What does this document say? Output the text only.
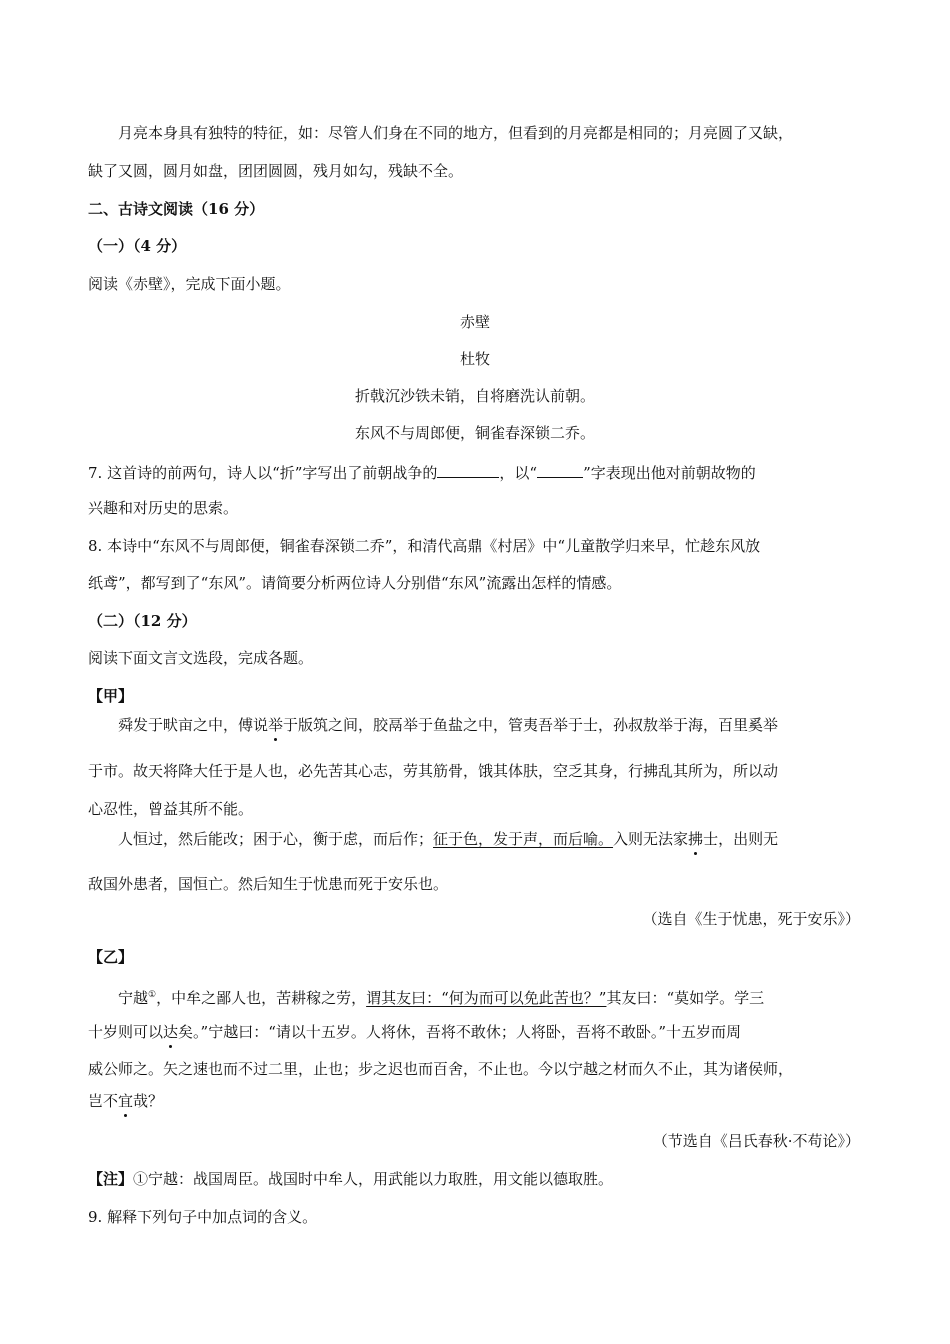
月亮本身具有独特的特征，如：尽管人们身在不同的地方，但看到的月亮都是相同的；月亮圆了又缺，
缺了又圆，圆月如盘，团团圆圆，残月如勾，残缺不全。
二、古诗文阅读（16 分）
（一）（4 分）
阅读《赤壁》，完成下面小题。
赤壁
杜牧
折戟沉沙铁未销，自将磨洗认前朝。
东风不与周郎便，铜雀春深锁二乔。
7. 这首诗的前两句，诗人以“折”字写出了前朝战争的	，以“	”字表现出他对前朝故物的
兴趣和对历史的思索。
8. 本诗中“东风不与周郎便，铜雀春深锁二乔”，和清代高鼎《村居》中“儿童散学归来早，忙趁东风放
纸鸢”，都写到了“东风”。请简要分析两位诗人分别借“东风”流露出怎样的情感。
（二）（12 分）
阅读下面文言文选段，完成各题。
【甲】
舜发于畎亩之中，傅说举于版筑之间，胶鬲举于鱼盐之中，管夷吾举于士，孙叔敖举于海，百里奚举
于市。故天将降大任于是人也，必先苦其心志，劳其筋骨，饿其体肤，空乏其身，行拂乱其所为，所以动
心忍性，曾益其所不能。
人恒过，然后能改；困于心，衡于虑，而后作；征于色，发于声，而后喻。入则无法家拂士，出则无
敌国外患者，国恒亡。然后知生于忧患而死于安乐也。
（选自《生于忧患，死于安乐》）
【乙】
宁越①，中牟之鄙人也，苦耕稼之劳，谓其友曰：“何为而可以免此苦也？”其友曰：“莫如学。学三
十岁则可以达矣。”宁越曰：“请以十五岁。人将休，吾将不敢休；人将卧，吾将不敢卧。”十五岁而周
威公师之。矢之速也而不过二里，止也；步之迟也而百舍，不止也。今以宁越之材而久不止，其为诸侯师，
岂不宜哉？
（节选自《吕氏春秋·不苟论》）
【注】①宁越：战国周臣。战国时中牟人，用武能以力取胜，用文能以德取胜。
9. 解释下列句子中加点词的含义。
